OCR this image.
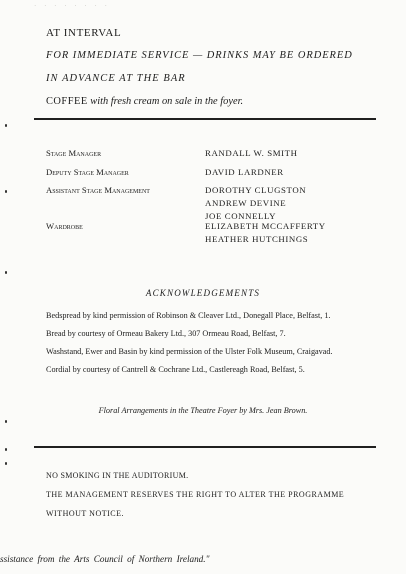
· · · · · · · ·
AT INTERVAL
FOR IMMEDIATE SERVICE — DRINKS MAY BE ORDERED
IN ADVANCE AT THE BAR
COFFEE with fresh cream on sale in the foyer.
Stage Manager	RANDALL W. SMITH
Deputy Stage Manager	DAVID LARDNER
Assistant Stage Management	DOROTHY CLUGSTON
ANDREW DEVINE
JOE CONNELLY
Wardrobe	ELIZABETH MCCAFFERTY
HEATHER HUTCHINGS
ACKNOWLEDGEMENTS
Bedspread by kind permission of Robinson & Cleaver Ltd., Donegall Place, Belfast, 1.
Bread by courtesy of Ormeau Bakery Ltd., 307 Ormeau Road, Belfast, 7.
Washstand, Ewer and Basin by kind permission of the Ulster Folk Museum, Craigavad.
Cordial by courtesy of Cantrell & Cochrane Ltd., Castlereagh Road, Belfast, 5.
Floral Arrangements in the Theatre Foyer by Mrs. Jean Brown.
NO SMOKING IN THE AUDITORIUM.
THE MANAGEMENT RESERVES THE RIGHT TO ALTER THE PROGRAMME
WITHOUT NOTICE.
ssistance from the Arts Council of Northern Ireland."
